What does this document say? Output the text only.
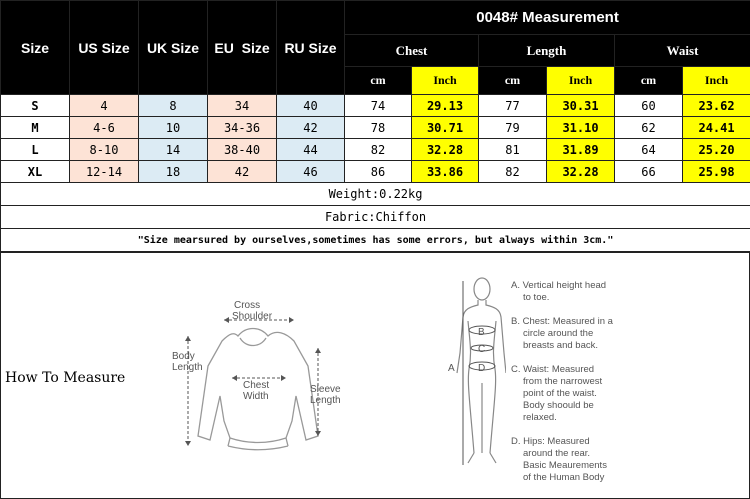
Size	US Size	UK Size	EU  Size	RU Size	0048# Measurement					
					Chest		Length		Waist	
					cm	Inch	cm	Inch	cm	Inch
S	4	8	34	40	74	29.13	77	30.31	60	23.62
M	4-6	10	34-36	42	78	30.71	79	31.10	62	24.41
L	8-10	14	38-40	44	82	32.28	81	31.89	64	25.20
XL	12-14	18	42	46	86	33.86	82	32.28	66	25.98
Weight:0.22kg										
Fabric:Chiffon										
"Size mearsured by ourselves,sometimes has some errors, but always within 3cm."										
How To Measure
Cross
Shoulder
Body
Length
Chest
Width
Sleeve
Length
A
B
C
D

A. Vertical height head

to toe.

B. Chest: Measured in a

circle around the

breasts and back.

C. Waist: Measured

from the narrowest

point of the waist.

Body shoould be

relaxed.

D. Hips: Measured

around the rear.

Basic Meaurements

of the Human Body
